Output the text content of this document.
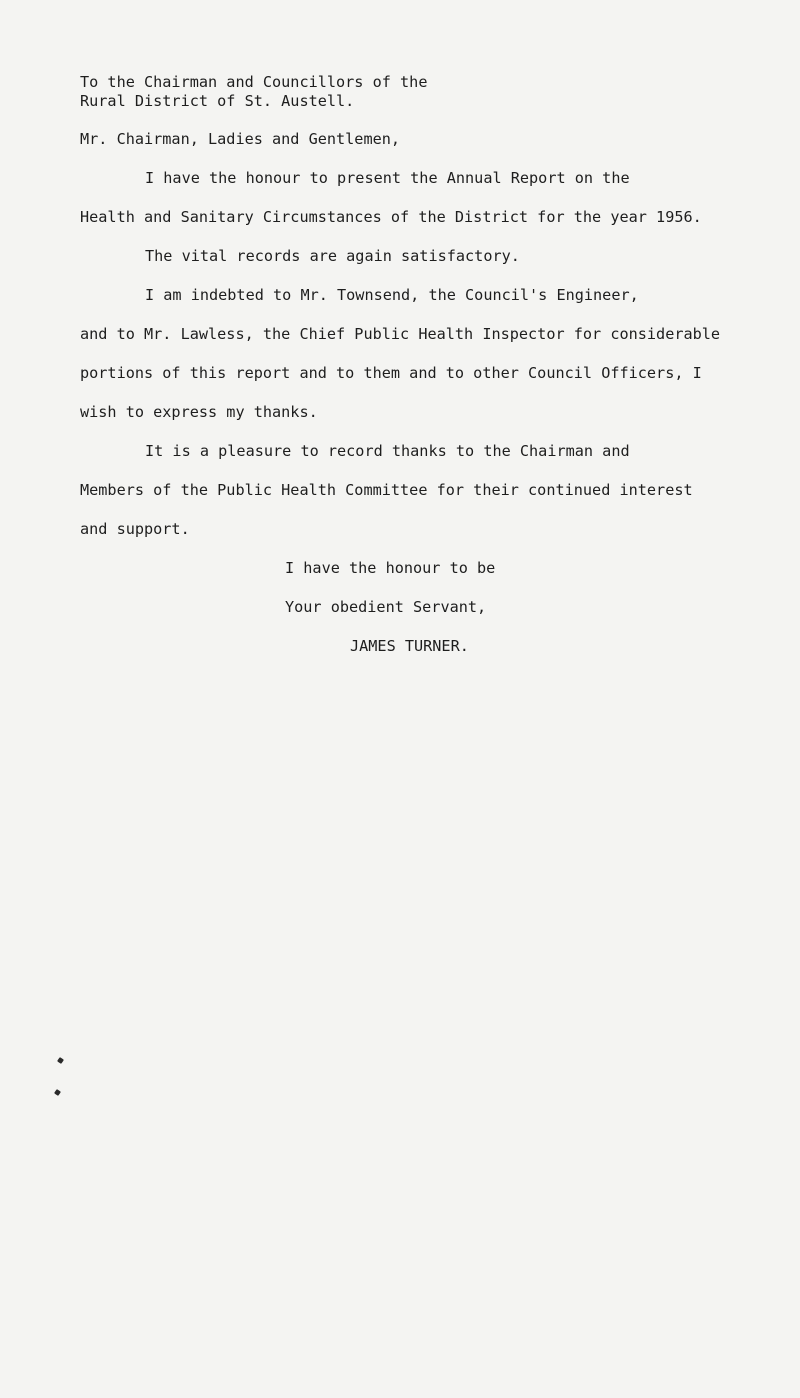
To the Chairman and Councillors of the
Rural District of St. Austell.
Mr. Chairman, Ladies and Gentlemen,
I have the honour to present the Annual Report on the
Health and Sanitary Circumstances of the District for the year 1956.
The vital records are again satisfactory.
I am indebted to Mr. Townsend, the Council's Engineer,
and to Mr. Lawless, the Chief Public Health Inspector for considerable
portions of this report and to them and to other Council Officers, I
wish to express my thanks.
It is a pleasure to record thanks to the Chairman and
Members of the Public Health Committee for their continued interest
and support.
I have the honour to be
Your obedient Servant,
JAMES TURNER.
